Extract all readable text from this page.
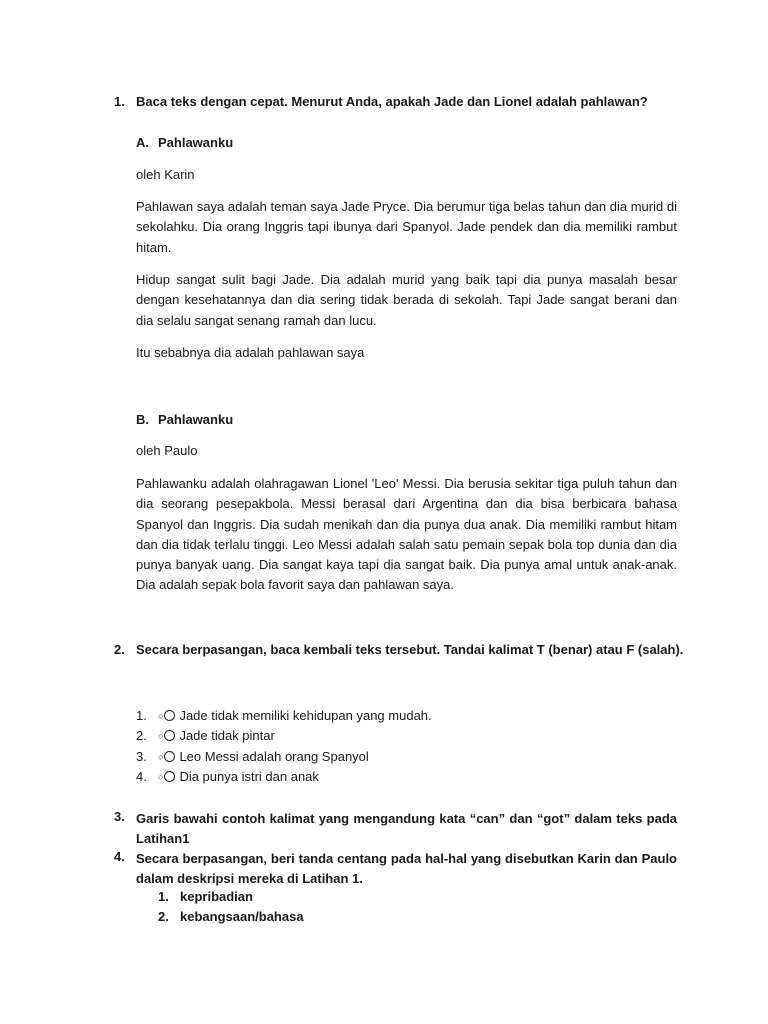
1. Baca teks dengan cepat. Menurut Anda, apakah Jade dan Lionel adalah pahlawan?
A. Pahlawanku
oleh Karin
Pahlawan saya adalah teman saya Jade Pryce. Dia berumur tiga belas tahun dan dia murid di sekolahku. Dia orang Inggris tapi ibunya dari Spanyol. Jade pendek dan dia memiliki rambut hitam.
Hidup sangat sulit bagi Jade. Dia adalah murid yang baik tapi dia punya masalah besar dengan kesehatannya dan dia sering tidak berada di sekolah. Tapi Jade sangat berani dan dia selalu sangat senang ramah dan lucu.
Itu sebabnya dia adalah pahlawan saya
B. Pahlawanku
oleh Paulo
Pahlawanku adalah olahragawan Lionel 'Leo' Messi. Dia berusia sekitar tiga puluh tahun dan dia seorang pesepakbola. Messi berasal dari Argentina dan dia bisa berbicara bahasa Spanyol dan Inggris. Dia sudah menikah dan dia punya dua anak. Dia memiliki rambut hitam dan dia tidak terlalu tinggi. Leo Messi adalah salah satu pemain sepak bola top dunia dan dia punya banyak uang. Dia sangat kaya tapi dia sangat baik. Dia punya amal untuk anak-anak. Dia adalah sepak bola favorit saya dan pahlawan saya.
2. Secara berpasangan, baca kembali teks tersebut. Tandai kalimat T (benar) atau F (salah).
1. ○ Jade tidak memiliki kehidupan yang mudah.
2. ○ Jade tidak pintar
3. ○ Leo Messi adalah orang Spanyol
4. ○ Dia punya istri dan anak
3. Garis bawahi contoh kalimat yang mengandung kata “can” dan “got” dalam teks pada Latihan1
4. Secara berpasangan, beri tanda centang pada hal-hal yang disebutkan Karin dan Paulo dalam deskripsi mereka di Latihan 1.
1. kepribadian
2. kebangsaan/bahasa
